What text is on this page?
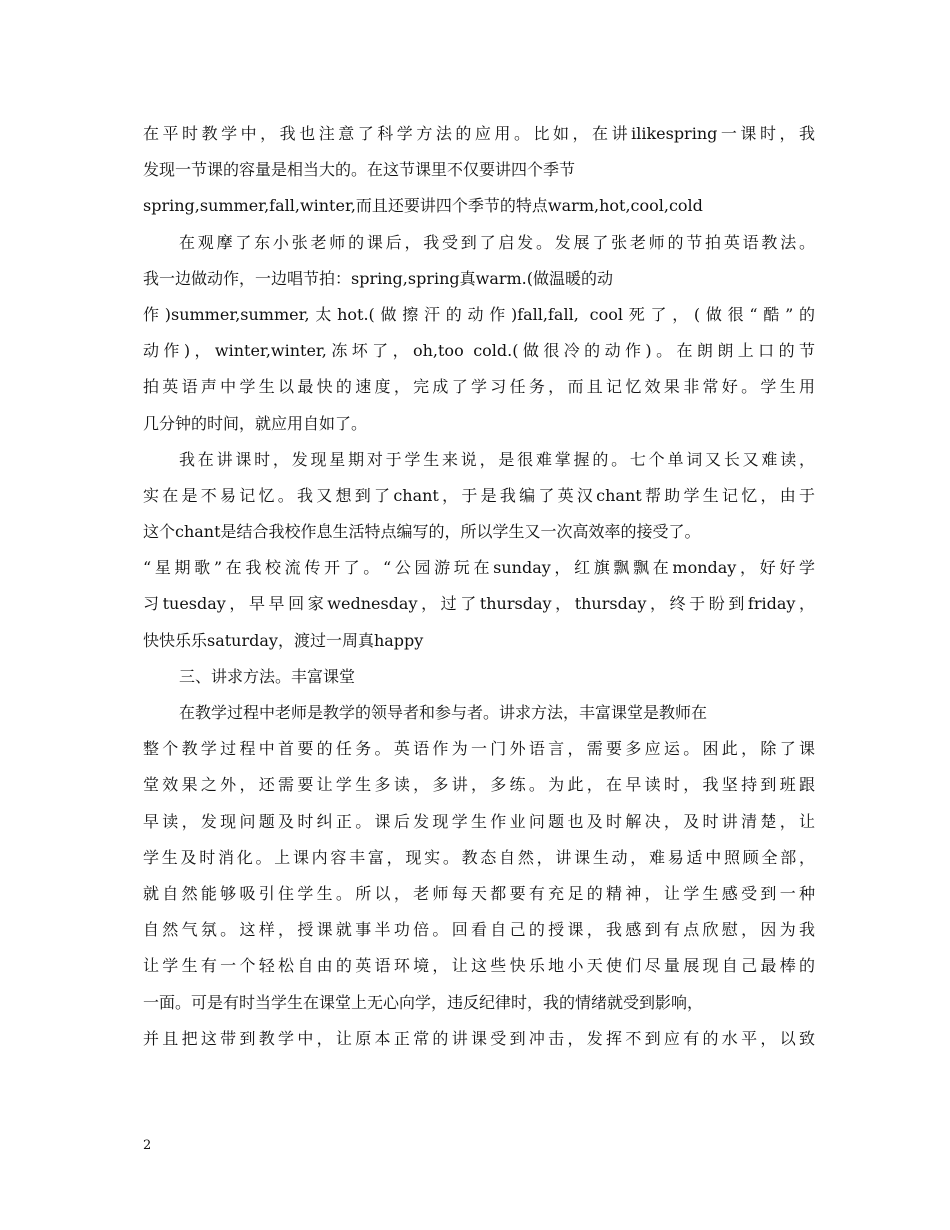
在平时教学中，我也注意了科学方法的应用。比如，在讲ilikespring一课时，我
发现一节课的容量是相当大的。在这节课里不仅要讲四个季节
spring,summer,fall,winter,而且还要讲四个季节的特点warm,hot,cool,cold
在观摩了东小张老师的课后，我受到了启发。发展了张老师的节拍英语教法。
我一边做动作，一边唱节拍：spring,spring真warm.(做温暖的动
作)summer,summer,太hot.(做擦汗的动作)fall,fall, cool死了，(做很“酷”的
动作)，winter,winter,冻坏了，oh,too cold.(做很冷的动作)。在朗朗上口的节
拍英语声中学生以最快的速度，完成了学习任务，而且记忆效果非常好。学生用
几分钟的时间，就应用自如了。
我在讲课时，发现星期对于学生来说，是很难掌握的。七个单词又长又难读，
实在是不易记忆。我又想到了chant，于是我编了英汉chant帮助学生记忆，由于
这个chant是结合我校作息生活特点编写的，所以学生又一次高效率的接受了。
“星期歌”在我校流传开了。“公园游玩在sunday，红旗飘飘在monday，好好学
习tuesday，早早回家wednesday，过了thursday，thursday，终于盼到friday，
快快乐乐saturday，渡过一周真happy
三、讲求方法。丰富课堂
在教学过程中老师是教学的领导者和参与者。讲求方法，丰富课堂是教师在
整个教学过程中首要的任务。英语作为一门外语言，需要多应运。困此，除了课
堂效果之外，还需要让学生多读，多讲，多练。为此，在早读时，我坚持到班跟
早读，发现问题及时纠正。课后发现学生作业问题也及时解决，及时讲清楚，让
学生及时消化。上课内容丰富，现实。教态自然，讲课生动，难易适中照顾全部，
就自然能够吸引住学生。所以，老师每天都要有充足的精神，让学生感受到一种
自然气氛。这样，授课就事半功倍。回看自己的授课，我感到有点欣慰，因为我
让学生有一个轻松自由的英语环境，让这些快乐地小天使们尽量展现自己最棒的
一面。可是有时当学生在课堂上无心向学，违反纪律时，我的情绪就受到影响，
并且把这带到教学中，让原本正常的讲课受到冲击，发挥不到应有的水平，以致
2
